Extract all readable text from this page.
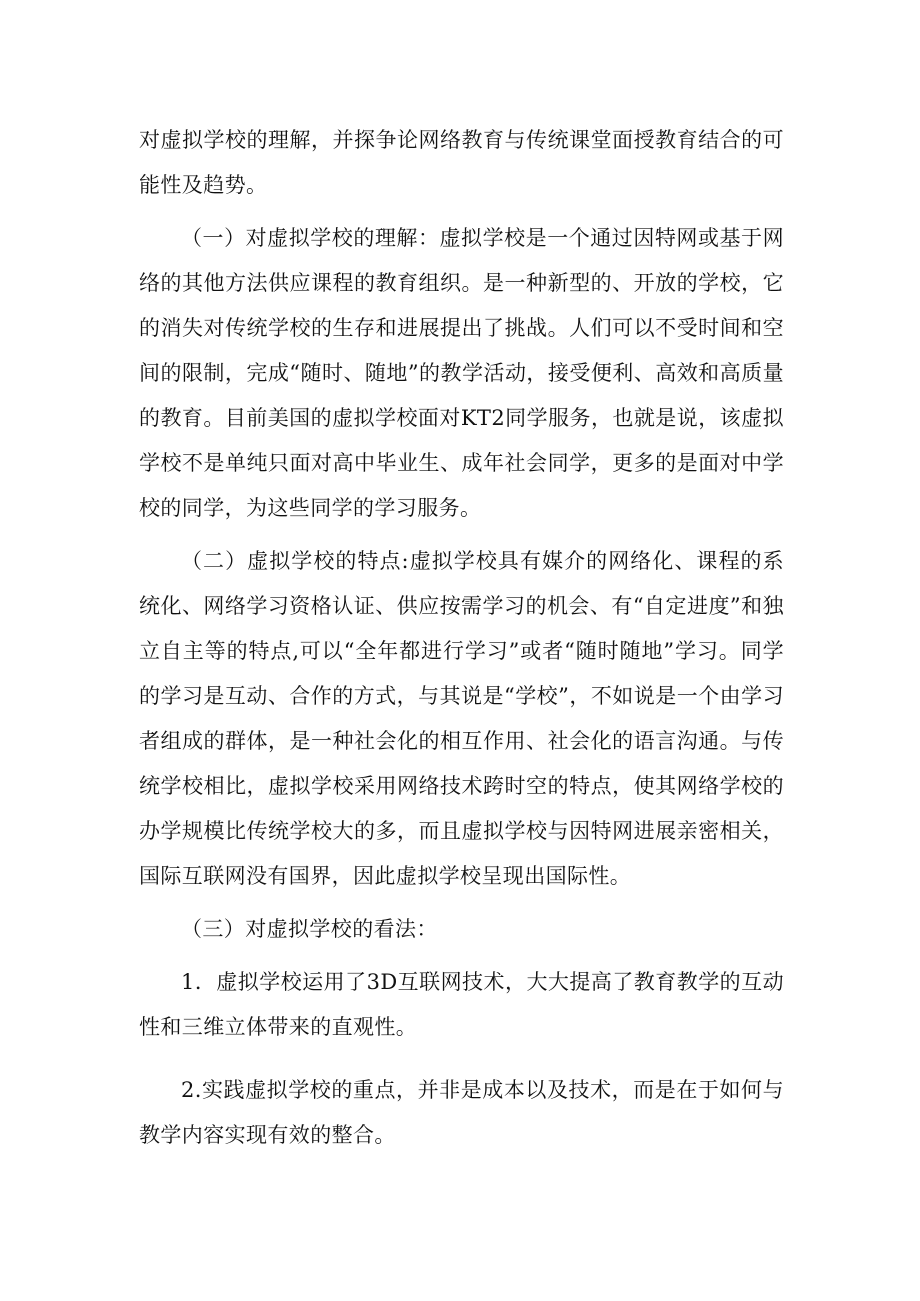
对虚拟学校的理解，并探争论网络教育与传统课堂面授教育结合的可能性及趋势。

（一）对虚拟学校的理解：虚拟学校是一个通过因特网或基于网络的其他方法供应课程的教育组织。是一种新型的、开放的学校，它的消失对传统学校的生存和进展提出了挑战。人们可以不受时间和空间的限制，完成“随时、随地”的教学活动，接受便利、高效和高质量的教育。目前美国的虚拟学校面对KT2同学服务，也就是说，该虚拟学校不是单纯只面对高中毕业生、成年社会同学，更多的是面对中学校的同学，为这些同学的学习服务。

（二）虚拟学校的特点:虚拟学校具有媒介的网络化、课程的系统化、网络学习资格认证、供应按需学习的机会、有“自定进度”和独立自主等的特点,可以“全年都进行学习”或者“随时随地”学习。同学的学习是互动、合作的方式，与其说是“学校”，不如说是一个由学习者组成的群体，是一种社会化的相互作用、社会化的语言沟通。与传统学校相比，虚拟学校采用网络技术跨时空的特点，使其网络学校的办学规模比传统学校大的多，而且虚拟学校与因特网进展亲密相关，国际互联网没有国界，因此虚拟学校呈现出国际性。

（三）对虚拟学校的看法：

1．虚拟学校运用了3D互联网技术，大大提高了教育教学的互动性和三维立体带来的直观性。

2.实践虚拟学校的重点，并非是成本以及技术，而是在于如何与教学内容实现有效的整合。
